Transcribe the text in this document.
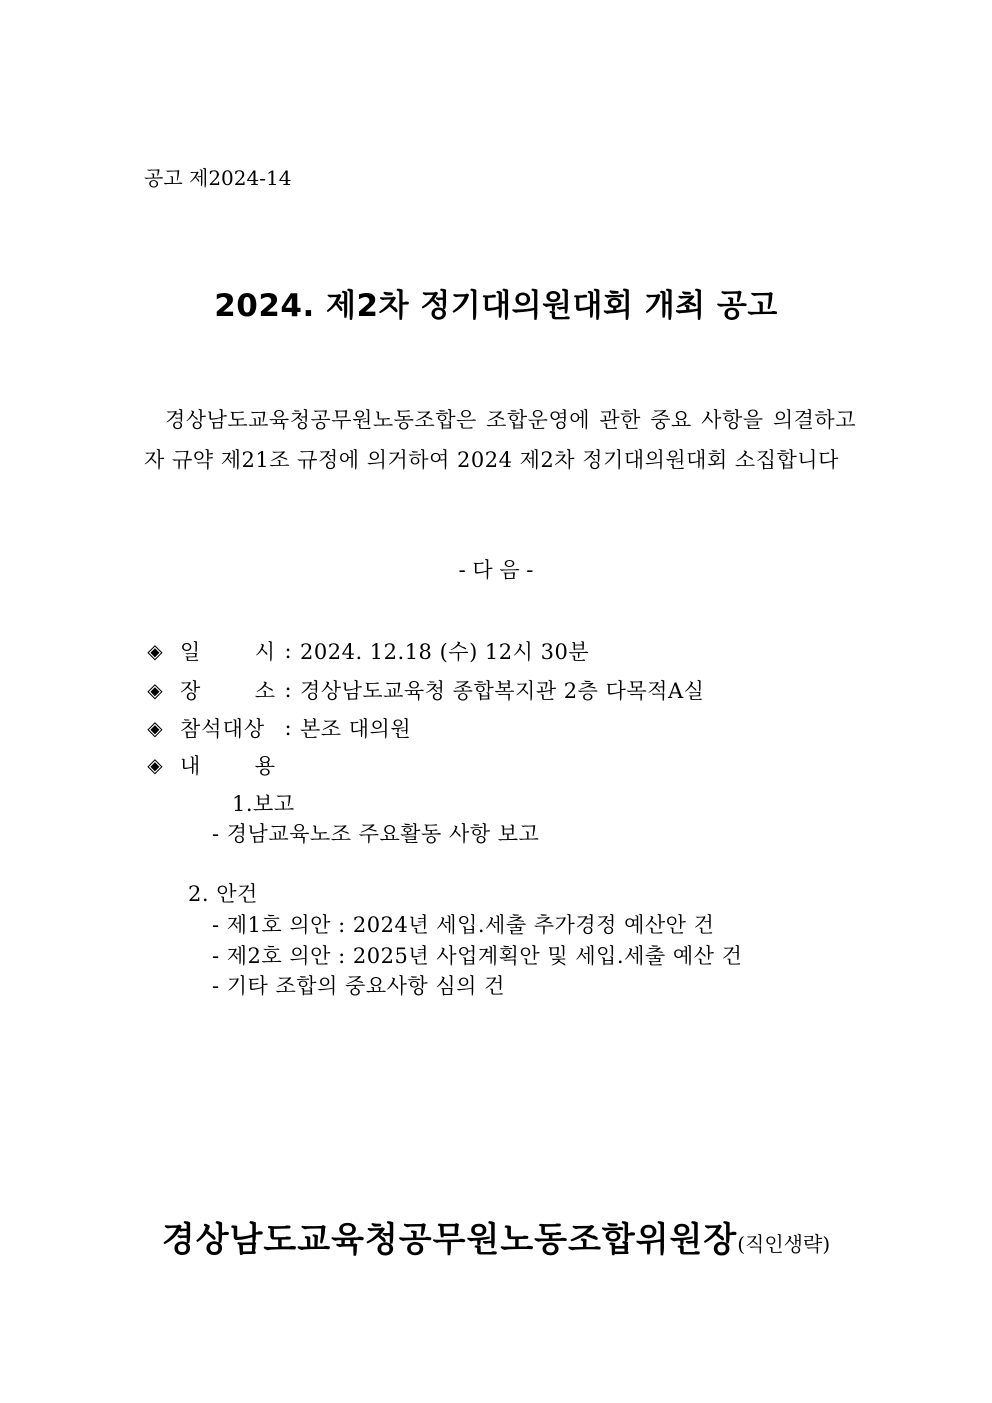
공고 제2024-14
2024. 제2차 정기대의원대회 개최 공고
경상남도교육청공무원노동조합은 조합운영에 관한 중요 사항을 의결하고자 규약 제21조 규정에 의거하여 2024 제2차 정기대의원대회 소집합니다
- 다 음 -
◈ 일 시 : 2024. 12.18 (수) 12시 30분
◈ 장 소 : 경상남도교육청 종합복지관 2층 다목적A실
◈ 참석대상 : 본조 대의원
◈ 내 용
1.보고
- 경남교육노조 주요활동 사항 보고
2. 안건
- 제1호 의안 : 2024년 세입.세출 추가경정 예산안 건
- 제2호 의안 : 2025년 사업계획안 및 세입.세출 예산 건
- 기타 조합의 중요사항 심의 건
경상남도교육청공무원노동조합위원장(직인생략)
